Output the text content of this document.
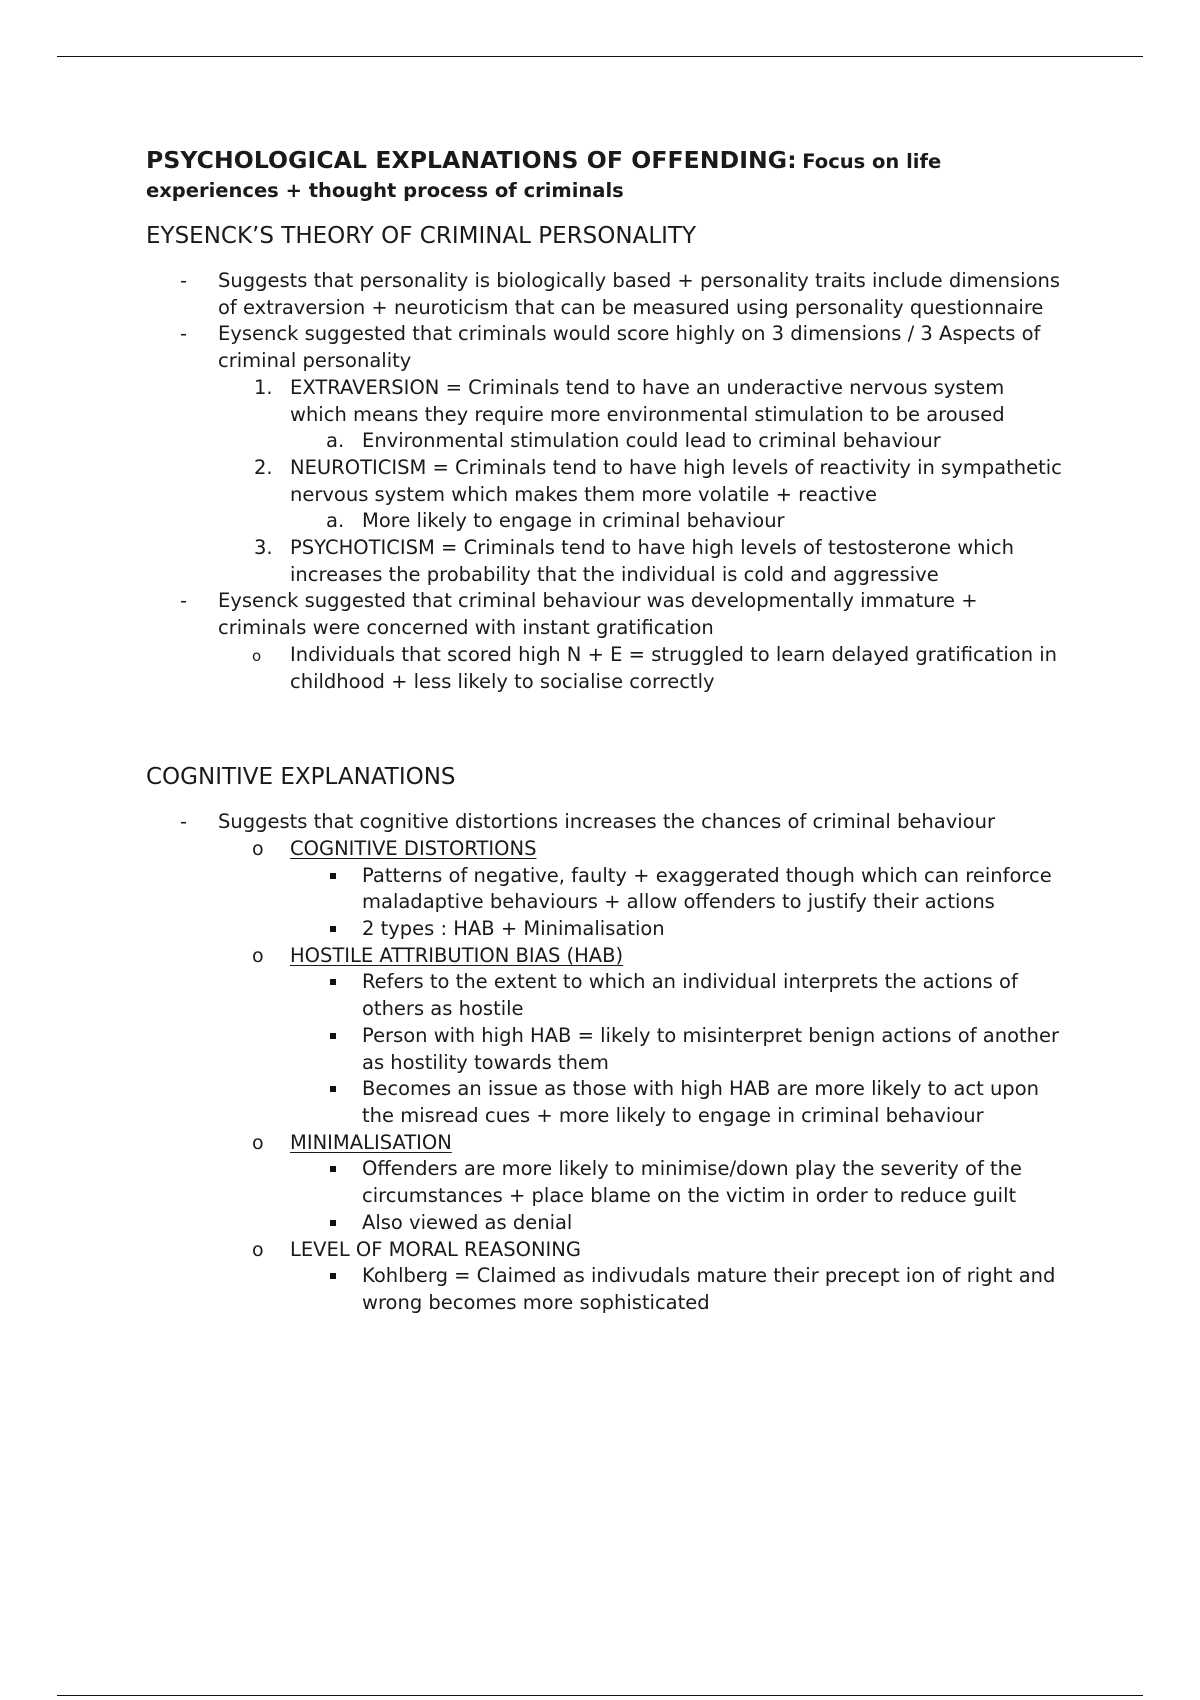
PSYCHOLOGICAL EXPLANATIONS OF OFFENDING: Focus on life
experiences + thought process of criminals
EYSENCK’S THEORY OF CRIMINAL PERSONALITY
- Suggests that personality is biologically based + personality traits include dimensions of extraversion + neuroticism that can be measured using personality questionnaire
- Eysenck suggested that criminals would score highly on 3 dimensions / 3 Aspects of criminal personality
1. EXTRAVERSION = Criminals tend to have an underactive nervous system which means they require more environmental stimulation to be aroused
a. Environmental stimulation could lead to criminal behaviour
2. NEUROTICISM = Criminals tend to have high levels of reactivity in sympathetic nervous system which makes them more volatile + reactive
a. More likely to engage in criminal behaviour
3. PSYCHOTICISM = Criminals tend to have high levels of testosterone which increases the probability that the individual is cold and aggressive
- Eysenck suggested that criminal behaviour was developmentally immature + criminals were concerned with instant gratification
o Individuals that scored high N + E = struggled to learn delayed gratification in childhood + less likely to socialise correctly
COGNITIVE EXPLANATIONS
- Suggests that cognitive distortions increases the chances of criminal behaviour
o COGNITIVE DISTORTIONS
Patterns of negative, faulty + exaggerated though which can reinforce maladaptive behaviours + allow offenders to justify their actions
2 types : HAB + Minimalisation
o HOSTILE ATTRIBUTION BIAS (HAB)
Refers to the extent to which an individual interprets the actions of others as hostile
Person with high HAB = likely to misinterpret benign actions of another as hostility towards them
Becomes an issue as those with high HAB are more likely to act upon the misread cues + more likely to engage in criminal behaviour
o MINIMALISATION
Offenders are more likely to minimise/down play the severity of the circumstances + place blame on the victim in order to reduce guilt
Also viewed as denial
o LEVEL OF MORAL REASONING
Kohlberg = Claimed as indivudals mature their precept ion of right and wrong becomes more sophisticated
